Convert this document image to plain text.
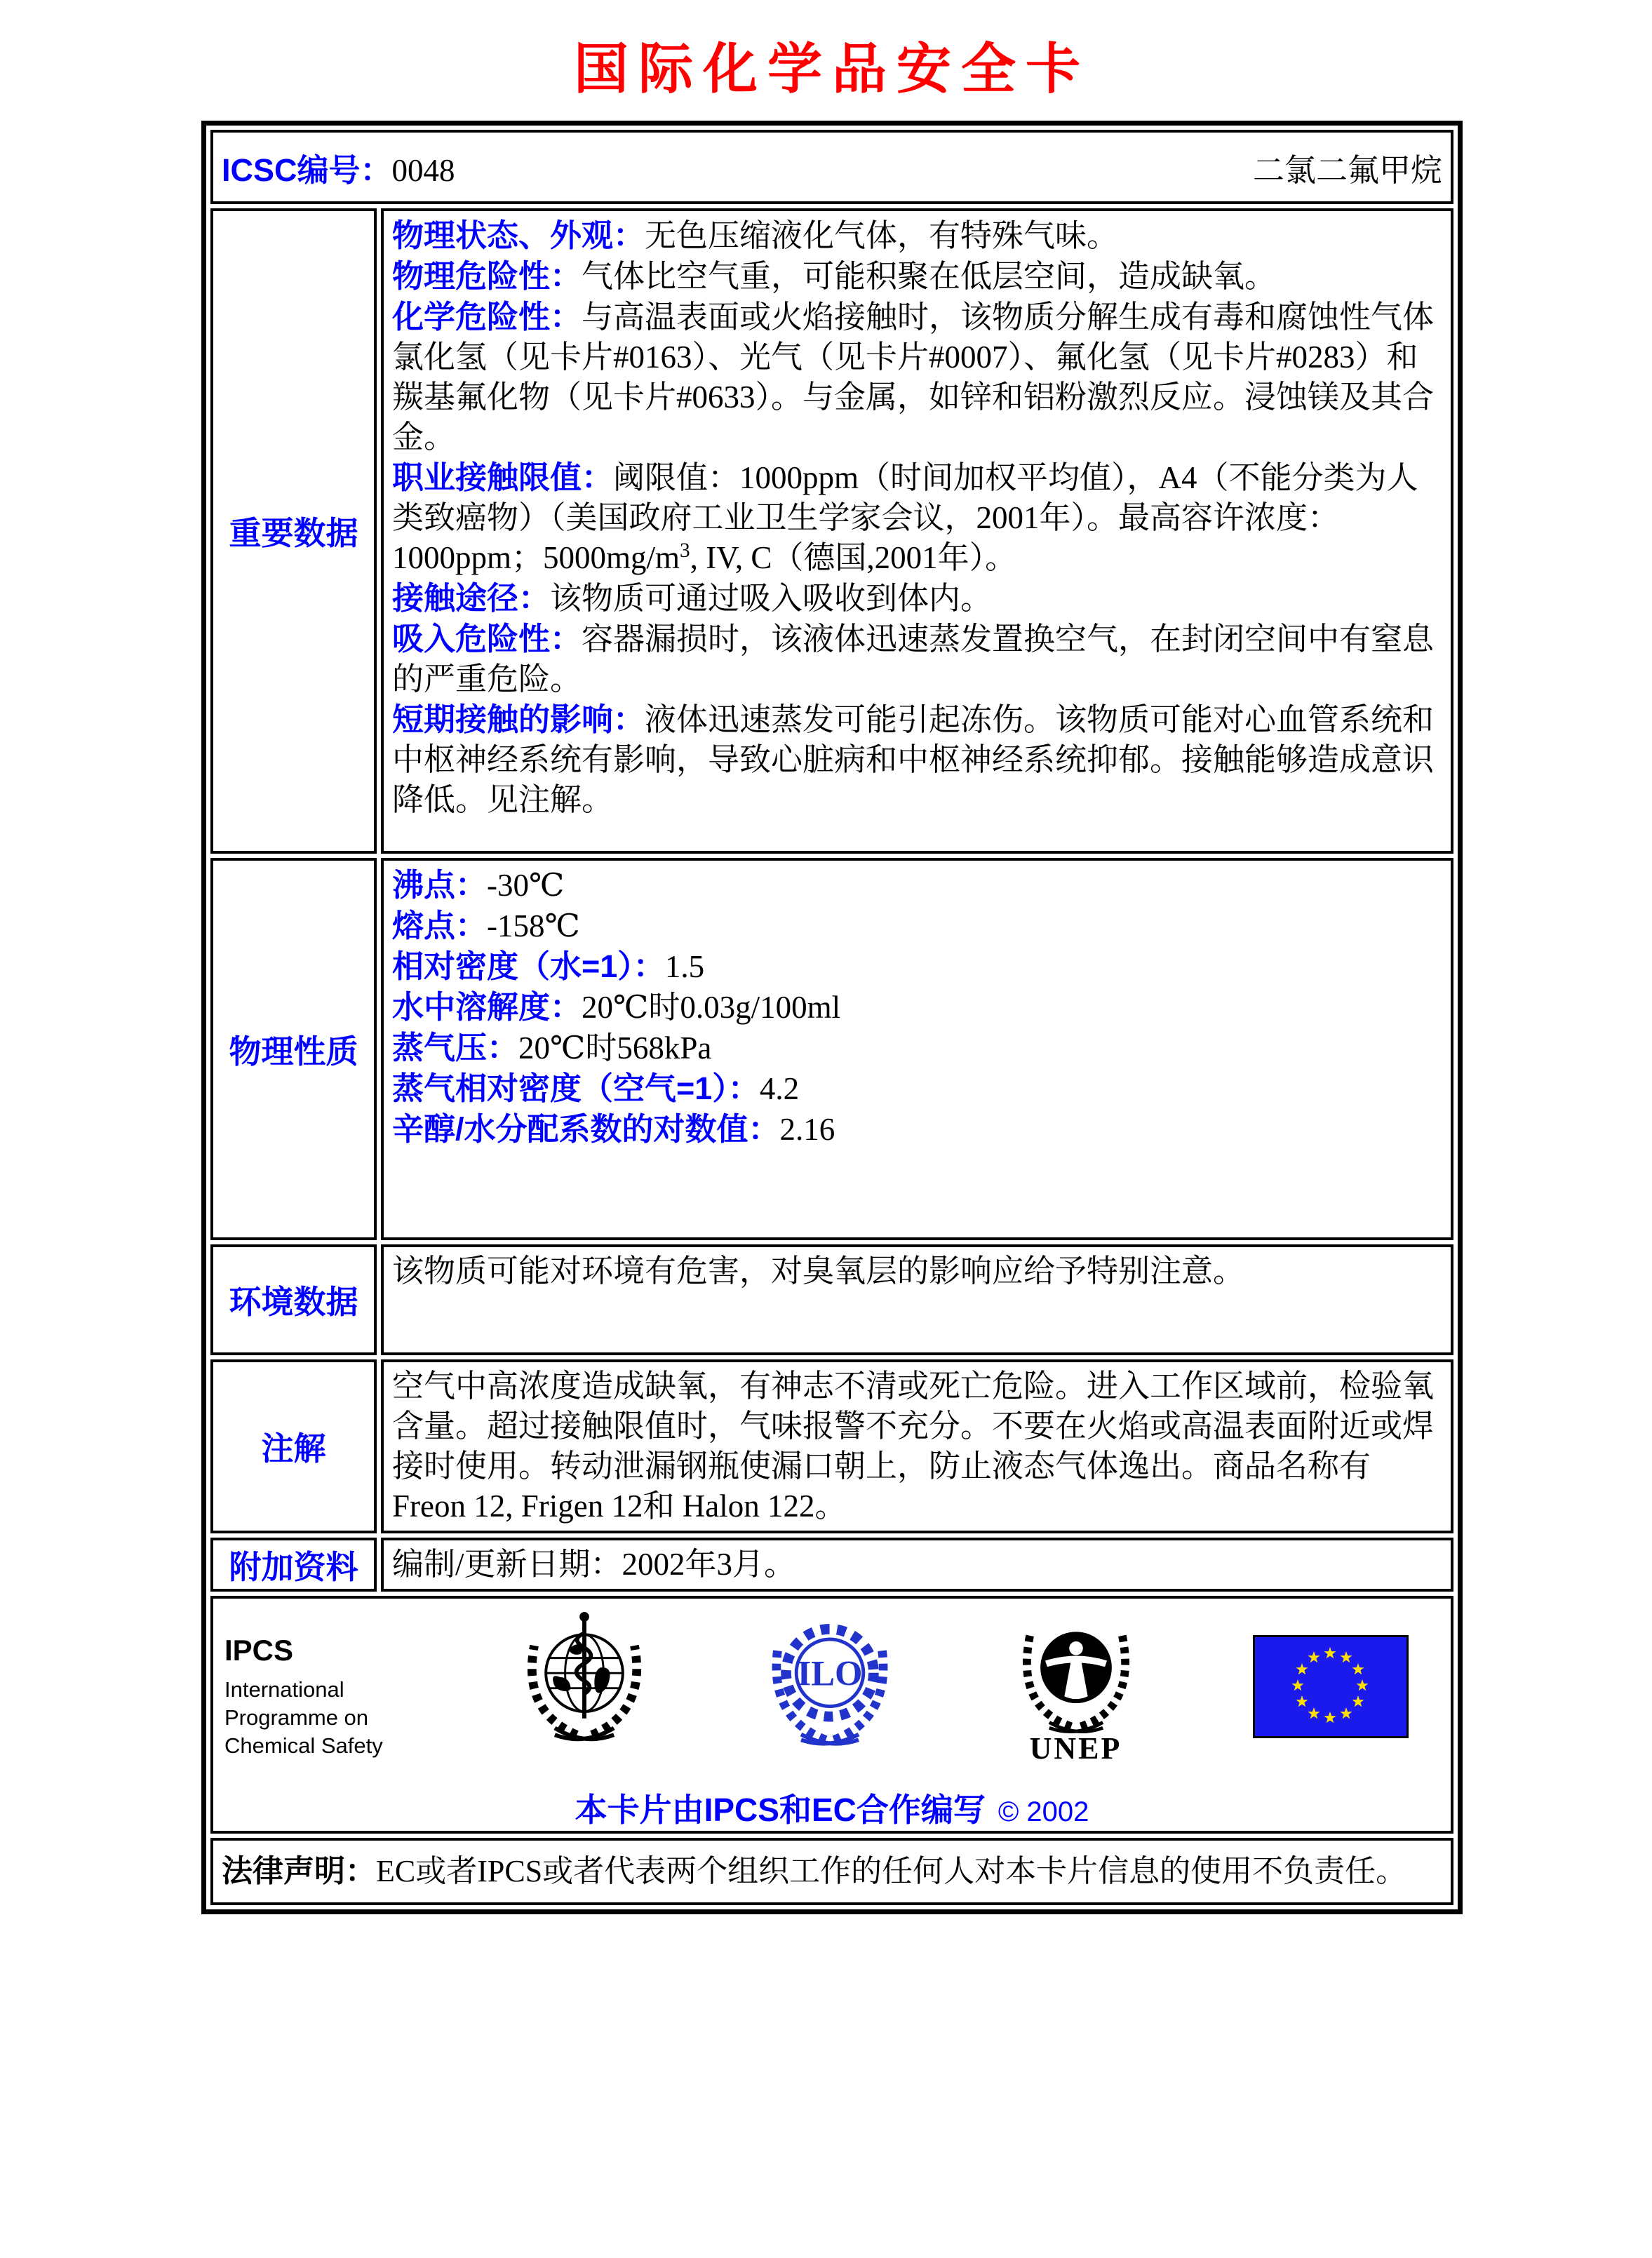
国际化学品安全卡
ICSC编号：0048 二氯二氟甲烷	

重要数据	
物理状态、外观：无色压缩液化气体，有特殊气味。
物理危险性：气体比空气重，可能积聚在低层空间，造成缺氧。
化学危险性：与高温表面或火焰接触时，该物质分解生成有毒和腐蚀性气体氯化氢（见卡片#0163）、光气（见卡片#0007）、氟化氢（见卡片#0283）和羰基氟化物（见卡片#0633）。与金属，如锌和铝粉激烈反应。浸蚀镁及其合金。
职业接触限值：阈限值：1000ppm（时间加权平均值），A4（不能分类为人类致癌物）（美国政府工业卫生学家会议，2001年）。最高容许浓度：1000ppm；$5000mg/m^3$, IV, C（德国,2001年）。
接触途径：该物质可通过吸入吸收到体内。
吸入危险性：容器漏损时，该液体迅速蒸发置换空气，在封闭空间中有窒息的严重危险。
短期接触的影响：液体迅速蒸发可能引起冻伤。该物质可能对心血管系统和中枢神经系统有影响，导致心脏病和中枢神经系统抑郁。接触能够造成意识降低。见注解。

物理性质	
沸点：-30℃
熔点：-158℃
相对密度（水=1）：1.5
水中溶解度：20℃时0.03g/100ml
蒸气压：20℃时568kPa
蒸气相对密度（空气=1）：4.2
辛醇/水分配系数的对数值：2.16

环境数据	该物质可能对环境有危害，对臭氧层的影响应给予特别注意。
注解	空气中高浓度造成缺氧，有神志不清或死亡危险。进入工作区域前，检验氧含量。超过接触限值时，气味报警不充分。不要在火焰或高温表面附近或焊接时使用。转动泄漏钢瓶使漏口朝上，防止液态气体逸出。商品名称有Freon 12, Frigen 12和 Halon 122。
附加资料	编制/更新日期：2002年3月。

IPCS
International
Programme on
Chemical Safety
ILO
UNEP
本卡片由IPCS和EC合作编写 © 2002

法律声明：EC或者IPCS或者代表两个组织工作的任何人对本卡片信息的使用不负责任。	
